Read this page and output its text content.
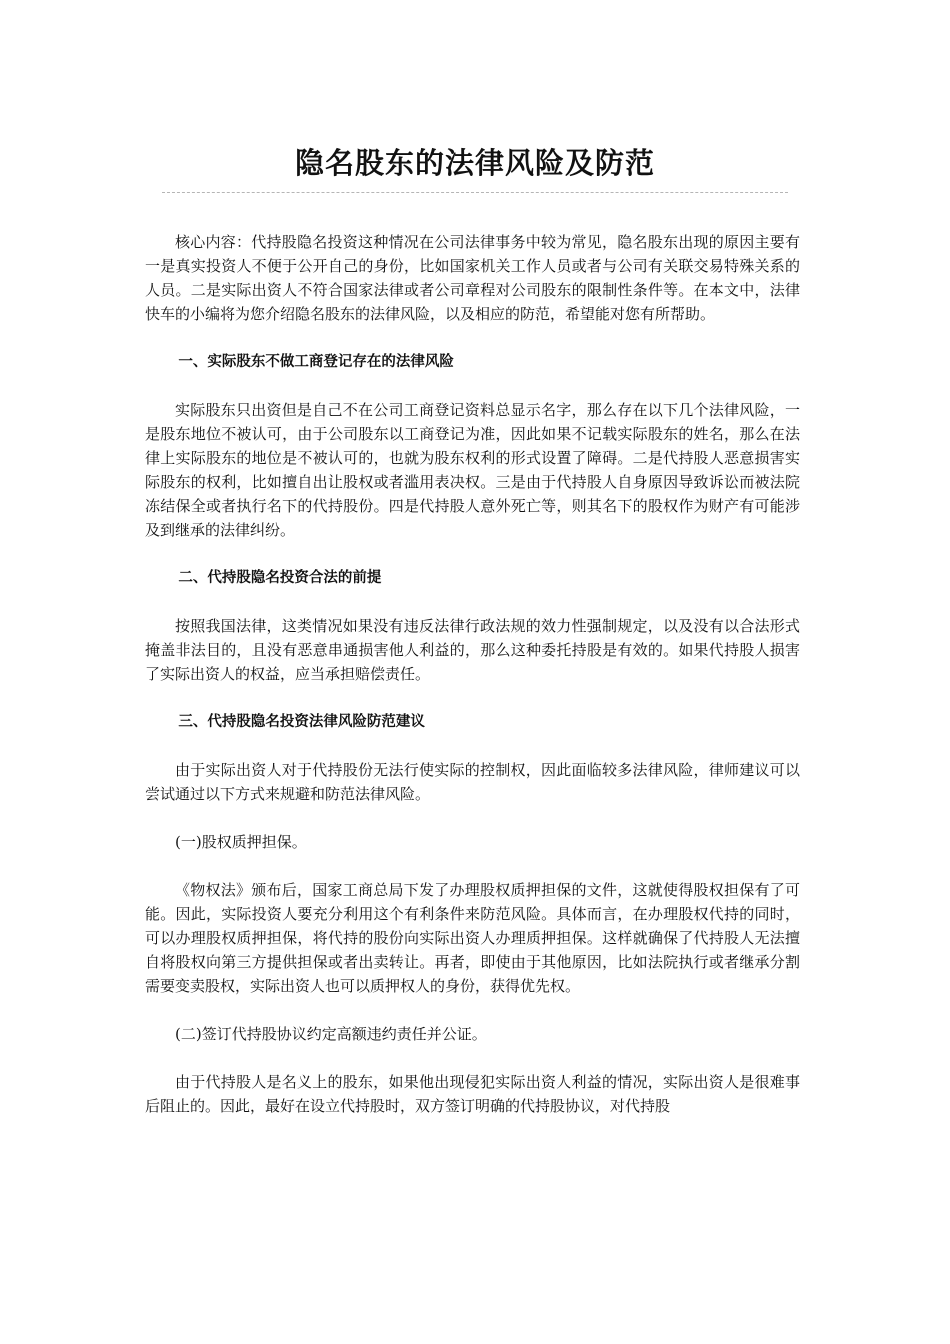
隐名股东的法律风险及防范

核心内容：代持股隐名投资这种情况在公司法律事务中较为常见，隐名股东出现的原因主要有一是真实投资人不便于公开自己的身份，比如国家机关工作人员或者与公司有关联交易特殊关系的人员。二是实际出资人不符合国家法律或者公司章程对公司股东的限制性条件等。在本文中，法律快车的小编将为您介绍隐名股东的法律风险，以及相应的防范，希望能对您有所帮助。

一、实际股东不做工商登记存在的法律风险

实际股东只出资但是自己不在公司工商登记资料总显示名字，那么存在以下几个法律风险，一是股东地位不被认可，由于公司股东以工商登记为准，因此如果不记载实际股东的姓名，那么在法律上实际股东的地位是不被认可的，也就为股东权利的形式设置了障碍。二是代持股人恶意损害实际股东的权利，比如擅自出让股权或者滥用表决权。三是由于代持股人自身原因导致诉讼而被法院冻结保全或者执行名下的代持股份。四是代持股人意外死亡等，则其名下的股权作为财产有可能涉及到继承的法律纠纷。

二、代持股隐名投资合法的前提

按照我国法律，这类情况如果没有违反法律行政法规的效力性强制规定，以及没有以合法形式掩盖非法目的，且没有恶意串通损害他人利益的，那么这种委托持股是有效的。如果代持股人损害了实际出资人的权益，应当承担赔偿责任。

三、代持股隐名投资法律风险防范建议

由于实际出资人对于代持股份无法行使实际的控制权，因此面临较多法律风险，律师建议可以尝试通过以下方式来规避和防范法律风险。

(一)股权质押担保。

《物权法》颁布后，国家工商总局下发了办理股权质押担保的文件，这就使得股权担保有了可能。因此，实际投资人要充分利用这个有利条件来防范风险。具体而言，在办理股权代持的同时，可以办理股权质押担保，将代持的股份向实际出资人办理质押担保。这样就确保了代持股人无法擅自将股权向第三方提供担保或者出卖转让。再者，即使由于其他原因，比如法院执行或者继承分割需要变卖股权，实际出资人也可以质押权人的身份，获得优先权。

(二)签订代持股协议约定高额违约责任并公证。

由于代持股人是名义上的股东，如果他出现侵犯实际出资人利益的情况，实际出资人是很难事后阻止的。因此，最好在设立代持股时，双方签订明确的代持股协议，对代持股
